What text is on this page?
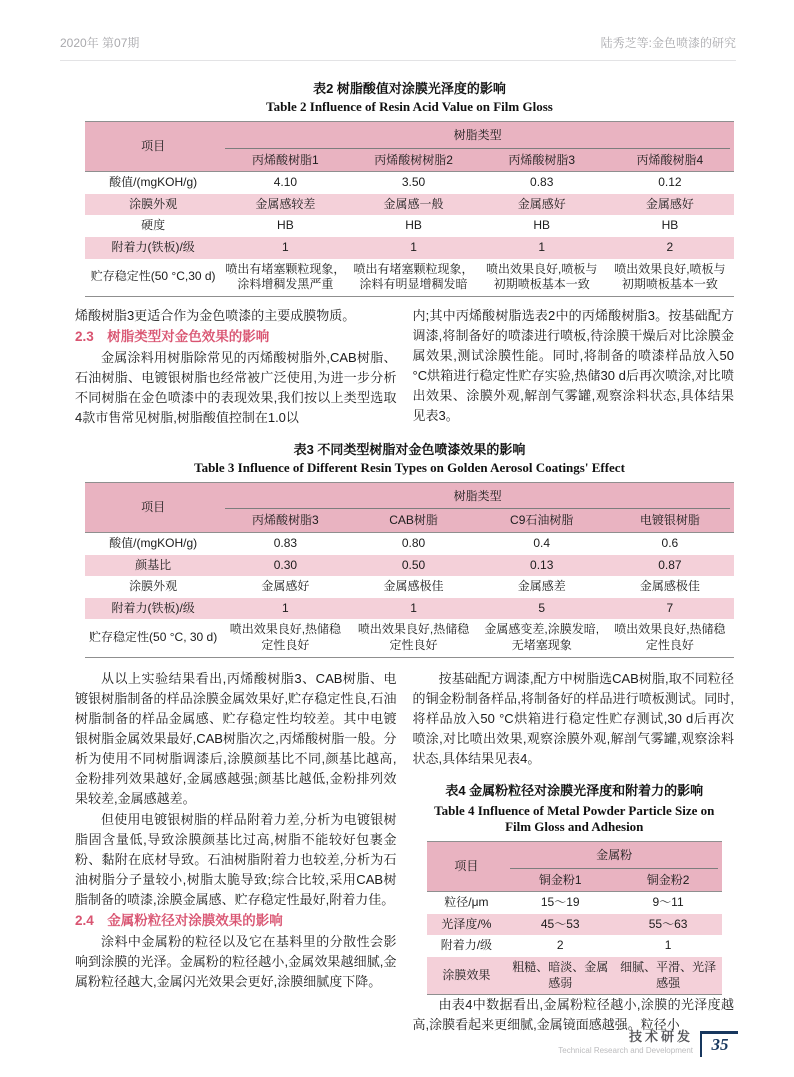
2020年 第07期	陆秀芝等:金色喷漆的研究
表2 树脂酸值对涂膜光泽度的影响
Table 2 Influence of Resin Acid Value on Film Gloss
项目	树脂类型			

	丙烯酸树脂1	丙烯酸树树脂2	丙烯酸树脂3	丙烯酸树脂4
酸值/(mgKOH/g)	4.10	3.50	0.83	0.12
涂膜外观	金属感较差	金属感一般	金属感好	金属感好
硬度	HB	HB	HB	HB
附着力(铁板)/级	1	1	1	2
贮存稳定性(50 °C,30 d)	喷出有堵塞颗粒现象，涂料增稠发黑严重	喷出有堵塞颗粒现象，涂料有明显增稠发暗	喷出效果良好,喷板与初期喷板基本一致	喷出效果良好,喷板与初期喷板基本一致

烯酸树脂3更适合作为金色喷漆的主要成膜物质。

2.3　树脂类型对金色效果的影响

金属涂料用树脂除常见的丙烯酸树脂外,CAB树脂、石油树脂、电镀银树脂也经常被广泛使用,为进一步分析不同树脂在金色喷漆中的表现效果,我们按以上类型选取4款市售常见树脂,树脂酸值控制在1.0以

内;其中丙烯酸树脂选表2中的丙烯酸树脂3。按基础配方调漆,将制备好的喷漆进行喷板,待涂膜干燥后对比涂膜金属效果,测试涂膜性能。同时,将制备的喷漆样品放入50 °C烘箱进行稳定性贮存实验,热储30 d后再次喷涂,对比喷出效果、涂膜外观,解剖气雾罐,观察涂料状态,具体结果见表3。

表3 不同类型树脂对金色喷漆效果的影响
Table 3 Influence of Different Resin Types on Golden Aerosol Coatings' Effect
项目	树脂类型			

	丙烯酸树脂3	CAB树脂	C9石油树脂	电镀银树脂
酸值/(mgKOH/g)	0.83	0.80	0.4	0.6
颜基比	0.30	0.50	0.13	0.87
涂膜外观	金属感好	金属感极佳	金属感差	金属感极佳
附着力(铁板)/级	1	1	5	7
贮存稳定性(50 °C, 30 d)	喷出效果良好,热储稳定性良好	喷出效果良好,热储稳定性良好	金属感变差,涂膜发暗,无堵塞现象	喷出效果良好,热储稳定性良好

从以上实验结果看出,丙烯酸树脂3、CAB树脂、电镀银树脂制备的样品涂膜金属效果好,贮存稳定性良,石油树脂制备的样品金属感、贮存稳定性均较差。其中电镀银树脂金属效果最好,CAB树脂次之,丙烯酸树脂一般。分析为使用不同树脂调漆后,涂膜颜基比不同,颜基比越高,金粉排列效果越好,金属感越强;颜基比越低,金粉排列效果较差,金属感越差。

但使用电镀银树脂的样品附着力差,分析为电镀银树脂固含量低,导致涂膜颜基比过高,树脂不能较好包裹金粉、黏附在底材导致。石油树脂附着力也较差,分析为石油树脂分子量较小,树脂太脆导致;综合比较,采用CAB树脂制备的喷漆,涂膜金属感、贮存稳定性最好,附着力佳。

2.4　金属粉粒径对涂膜效果的影响

涂料中金属粉的粒径以及它在基料里的分散性会影响到涂膜的光泽。金属粉的粒径越小,金属效果越细腻,金属粉粒径越大,金属闪光效果会更好,涂膜细腻度下降。

按基础配方调漆,配方中树脂选CAB树脂,取不同粒径的铜金粉制备样品,将制备好的样品进行喷板测试。同时,将样品放入50 °C烘箱进行稳定性贮存测试,30 d后再次喷涂,对比喷出效果,观察涂膜外观,解剖气雾罐,观察涂料状态,具体结果见表4。

表4 金属粉粒径对涂膜光泽度和附着力的影响
Table 4 Influence of Metal Powder Particle Size on Film Gloss and Adhesion
项目	金属粉	

	铜金粉1	铜金粉2
粒径/μm	15～19	9～11
光泽度/%	45～53	55～63
附着力/级	2	1
涂膜效果	粗糙、暗淡、金属感弱	细腻、平滑、光泽感强

由表4中数据看出,金属粉粒径越小,涂膜的光泽度越高,涂膜看起来更细腻,金属镜面感越强。粒径小

技术研发
Technical Research and Development	35
